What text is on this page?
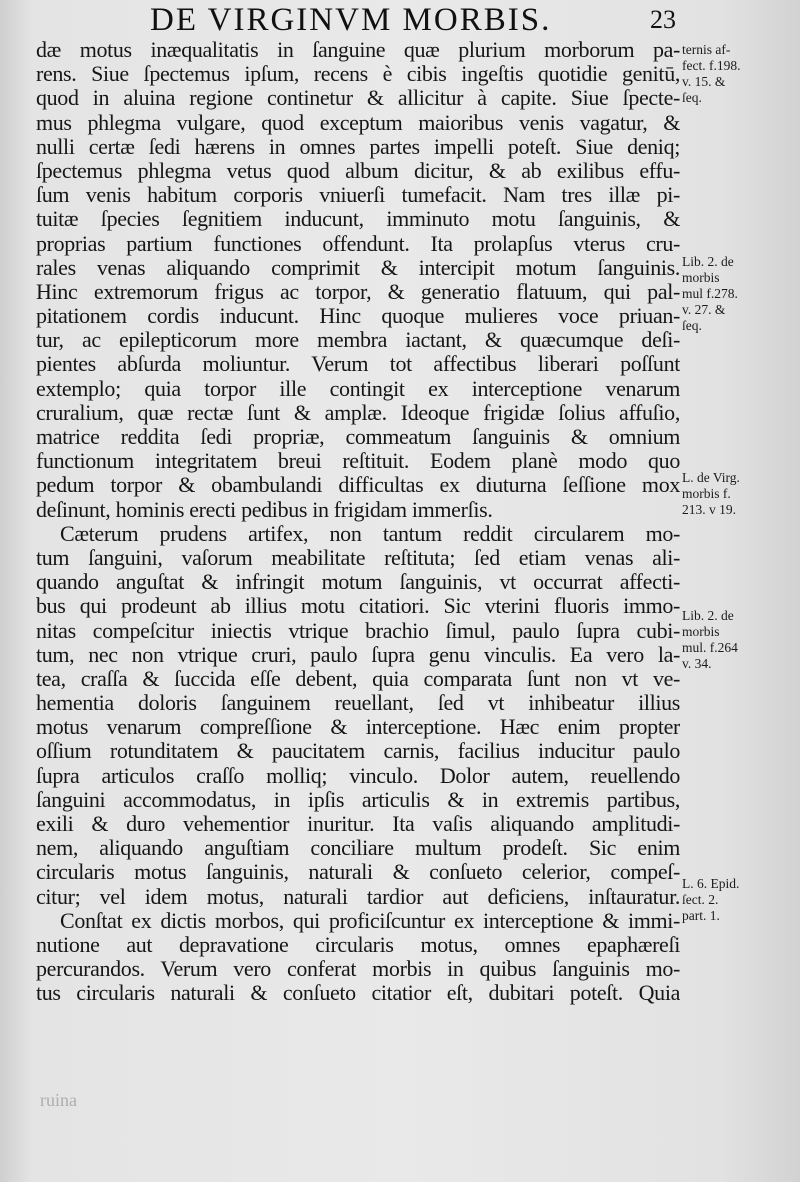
DE VIRGINVM MORBIS.	23
dæ motus inæqualitatis in ſanguine quæ plurium morborum pa-
rens. Siue ſpectemus ipſum, recens è cibis ingeſtis quotidie genitū,
quod in aluina regione continetur & allicitur à capite. Siue ſpecte-
mus phlegma vulgare, quod exceptum maioribus venis vagatur, &
nulli certæ ſedi hærens in omnes partes impelli poteſt. Siue deniq;
ſpectemus phlegma vetus quod album dicitur, & ab exilibus effu-
ſum venis habitum corporis vniuerſi tumefacit. Nam tres illæ pi-
tuitæ ſpecies ſegnitiem inducunt, imminuto motu ſanguinis, &
proprias partium functiones offendunt. Ita prolapſus vterus cru-
rales venas aliquando comprimit & intercipit motum ſanguinis.
Hinc extremorum frigus ac torpor, & generatio flatuum, qui pal-
pitationem cordis inducunt. Hinc quoque mulieres voce priuan-
tur, ac epilepticorum more membra iactant, & quæcumque deſi-
pientes abſurda moliuntur. Verum tot affectibus liberari poſſunt
extemplo; quia torpor ille contingit ex interceptione venarum
cruralium, quæ rectæ ſunt & amplæ. Ideoque frigidæ ſolius affuſio,
matrice reddita ſedi propriæ, commeatum ſanguinis & omnium
functionum integritatem breui reſtituit. Eodem planè modo quo
pedum torpor & obambulandi difficultas ex diuturna ſeſſione mox
deſinunt, hominis erecti pedibus in frigidam immerſis.
Cæterum prudens artifex, non tantum reddit circularem mo-
tum ſanguini, vaſorum meabilitate reſtituta; ſed etiam venas ali-
quando anguſtat & infringit motum ſanguinis, vt occurrat affecti-
bus qui prodeunt ab illius motu citatiori. Sic vterini fluoris immo-
nitas compeſcitur iniectis vtrique brachio ſimul, paulo ſupra cubi-
tum, nec non vtrique cruri, paulo ſupra genu vinculis. Ea vero la-
tea, craſſa & ſuccida eſſe debent, quia comparata ſunt non vt ve-
hementia doloris ſanguinem reuellant, ſed vt inhibeatur illius
motus venarum compreſſione & interceptione. Hæc enim propter
oſſium rotunditatem & paucitatem carnis, facilius inducitur paulo
ſupra articulos craſſo molliq; vinculo. Dolor autem, reuellendo
ſanguini accommodatus, in ipſis articulis & in extremis partibus,
exili & duro vehementior inuritur. Ita vaſis aliquando amplitudi-
nem, aliquando anguſtiam conciliare multum prodeſt. Sic enim
circularis motus ſanguinis, naturali & conſueto celerior, compeſ-
citur; vel idem motus, naturali tardior aut deficiens, inſtauratur.
Conſtat ex dictis morbos, qui proficiſcuntur ex interceptione & immi-
nutione aut depravatione circularis motus, omnes epaphæreſi
percurandos. Verum vero conferat morbis in quibus ſanguinis mo-
tus circularis naturali & conſueto citatior eſt, dubitari poteſt. Quia
ternis af-
fect. f.198.
v. 15. &
ſeq.
Lib. 2. de
morbis
mul f.278.
v. 27. &
ſeq.
L. de Virg.
morbis f.
213. v 19.
Lib. 2. de
morbis
mul. f.264
v. 34.
L. 6. Epid.
ſect. 2.
part. 1.
ruina
